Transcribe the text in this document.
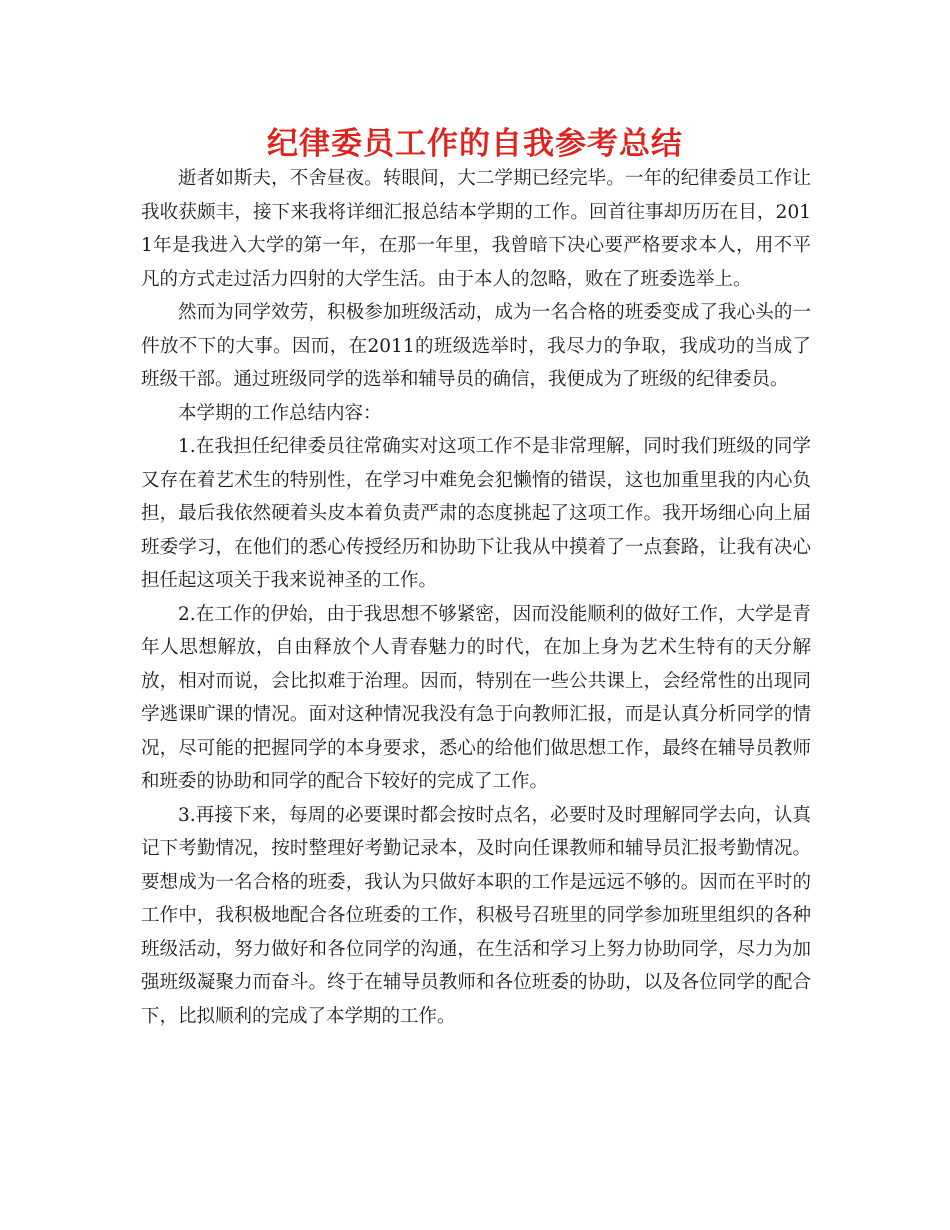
纪律委员工作的自我参考总结

逝者如斯夫，不舍昼夜。转眼间，大二学期已经完毕。一年的纪律委员工作让我收获颇丰，接下来我将详细汇报总结本学期的工作。回首往事却历历在目，2011年是我进入大学的第一年，在那一年里，我曾暗下决心要严格要求本人，用不平凡的方式走过活力四射的大学生活。由于本人的忽略，败在了班委选举上。

然而为同学效劳，积极参加班级活动，成为一名合格的班委变成了我心头的一件放不下的大事。因而，在2011的班级选举时，我尽力的争取，我成功的当成了班级干部。通过班级同学的选举和辅导员的确信，我便成为了班级的纪律委员。

本学期的工作总结内容：

1.在我担任纪律委员往常确实对这项工作不是非常理解，同时我们班级的同学又存在着艺术生的特别性，在学习中难免会犯懒惰的错误，这也加重里我的内心负担，最后我依然硬着头皮本着负责严肃的态度挑起了这项工作。我开场细心向上届班委学习，在他们的悉心传授经历和协助下让我从中摸着了一点套路，让我有决心担任起这项关于我来说神圣的工作。

2.在工作的伊始，由于我思想不够紧密，因而没能顺利的做好工作，大学是青年人思想解放，自由释放个人青春魅力的时代，在加上身为艺术生特有的天分解放，相对而说，会比拟难于治理。因而，特别在一些公共课上，会经常性的出现同学逃课旷课的情况。面对这种情况我没有急于向教师汇报，而是认真分析同学的情况，尽可能的把握同学的本身要求，悉心的给他们做思想工作，最终在辅导员教师和班委的协助和同学的配合下较好的完成了工作。

3.再接下来，每周的必要课时都会按时点名，必要时及时理解同学去向，认真记下考勤情况，按时整理好考勤记录本，及时向任课教师和辅导员汇报考勤情况。要想成为一名合格的班委，我认为只做好本职的工作是远远不够的。因而在平时的工作中，我积极地配合各位班委的工作，积极号召班里的同学参加班里组织的各种班级活动，努力做好和各位同学的沟通，在生活和学习上努力协助同学，尽力为加强班级凝聚力而奋斗。终于在辅导员教师和各位班委的协助，以及各位同学的配合下，比拟顺利的完成了本学期的工作。
